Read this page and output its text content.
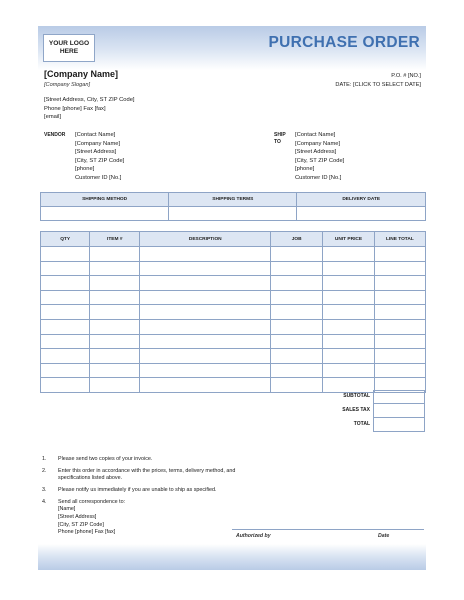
YOUR LOGO HERE
PURCHASE ORDER
[Company Name]
[Company Slogan]
P.O. # [NO.]
DATE: [CLICK TO SELECT DATE]
[Street Address, City, ST ZIP Code]
Phone [phone] Fax [fax]
[email]
VENDOR [Contact Name]
[Company Name]
[Street Address]
[City, ST ZIP Code]
[phone]
Customer ID [No.]
SHIP
TO
[Contact Name]
[Company Name]
[Street Address]
[City, ST ZIP Code]
[phone]
Customer ID [No.]
SHIPPING METHOD	SHIPPING TERMS	DELIVERY DATE

QTY	ITEM #	DESCRIPTION	JOB	UNIT PRICE	LINE TOTAL

SUBTOTAL
SALES TAX
TOTAL
1. Please send two copies of your invoice.
2. Enter this order in accordance with the prices, terms, delivery method, and specifications listed above.
3. Please notify us immediately if you are unable to ship as specified.
4. Send all correspondence to:
[Name]
[Street Address]
[City, ST ZIP Code]
Phone [phone] Fax [fax]
Authorized by	Date
